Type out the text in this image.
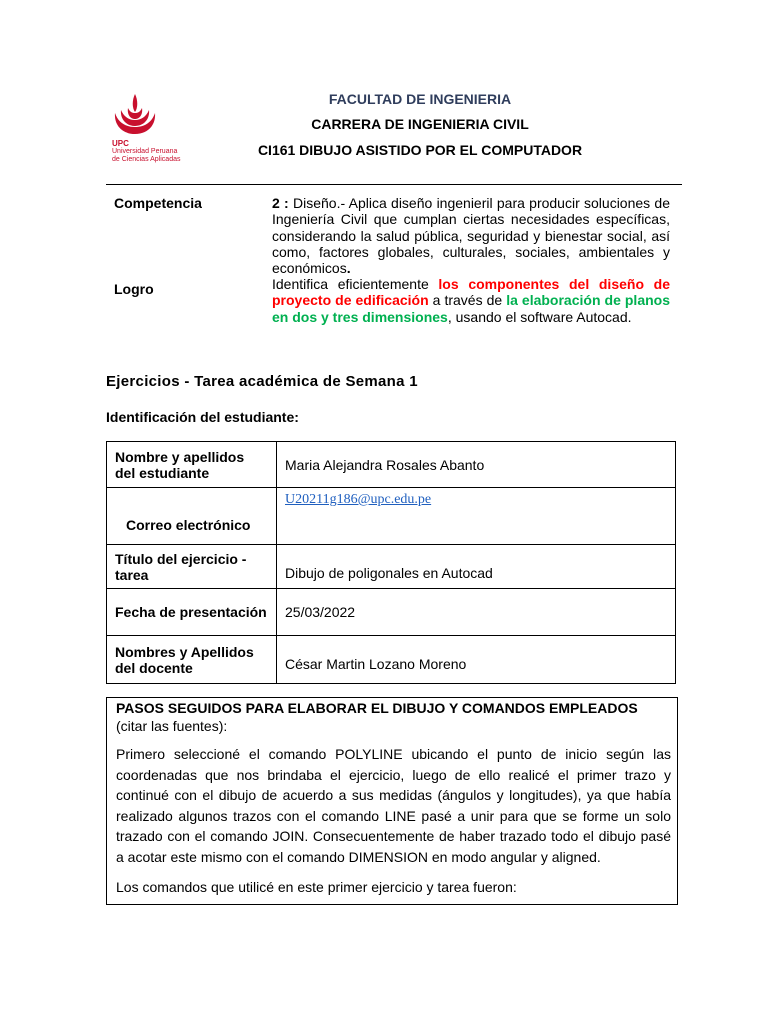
UPC
Universidad Peruana
de Ciencias Aplicadas
FACULTAD DE INGENIERIA
CARRERA DE INGENIERIA CIVIL
CI161 DIBUJO ASISTIDO POR EL COMPUTADOR
Competencia	2 : Diseño.- Aplica diseño ingenieril para producir soluciones de Ingeniería Civil que cumplan ciertas necesidades específicas, considerando la salud pública, seguridad y bienestar social, así como, factores globales, culturales, sociales, ambientales y económicos.
Logro	Identifica eficientemente los componentes del diseño de proyecto de edificación a través de la elaboración de planos en dos y tres dimensiones, usando el software Autocad.
Ejercicios - Tarea académica de Semana 1
Identificación del estudiante:
Nombre y apellidos del estudiante	Maria Alejandra Rosales Abanto
Correo electrónico	U20211g186@upc.edu.pe
Título del ejercicio - tarea	Dibujo de poligonales en Autocad
Fecha de presentación	25/03/2022
Nombres y Apellidos del docente	César Martin Lozano Moreno

PASOS SEGUIDOS PARA ELABORAR EL DIBUJO Y COMANDOS EMPLEADOS (citar las fuentes):

Primero seleccioné el comando POLYLINE ubicando el punto de inicio según las coordenadas que nos brindaba el ejercicio, luego de ello realicé el primer trazo y continué con el dibujo de acuerdo a sus medidas (ángulos y longitudes), ya que había realizado algunos trazos con el comando LINE pasé a unir para que se forme un solo trazado con el comando JOIN. Consecuentemente de haber trazado todo el dibujo pasé a acotar este mismo con el comando DIMENSION en modo angular y aligned.

Los comandos que utilicé en este primer ejercicio y tarea fueron:
